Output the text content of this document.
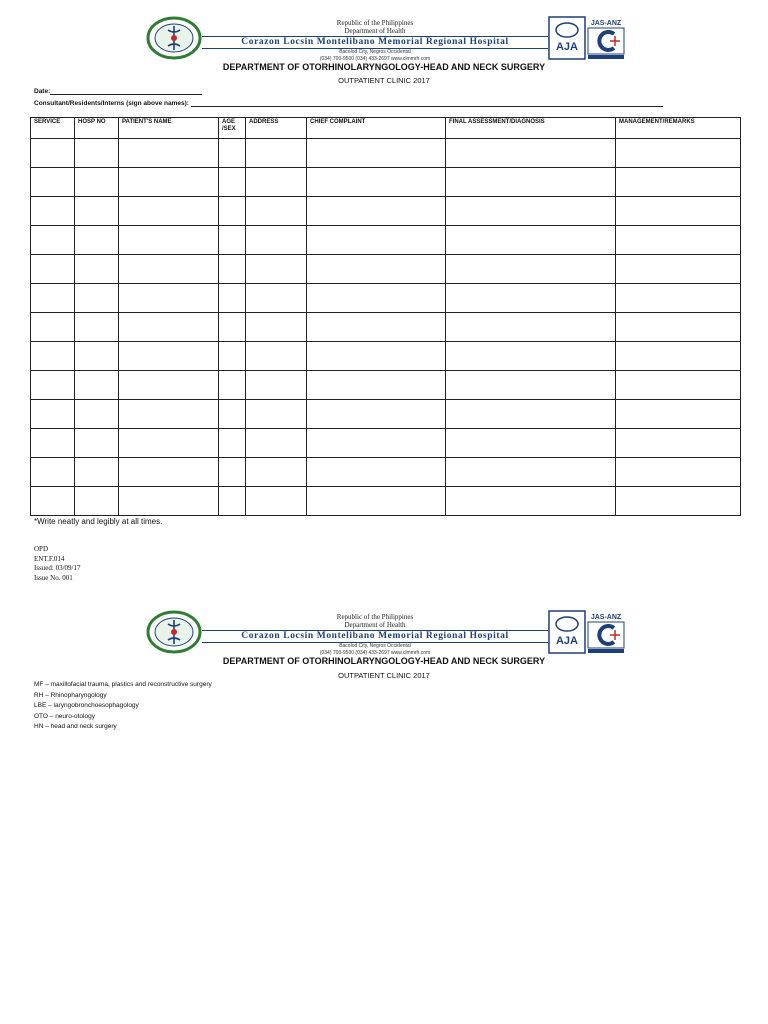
Republic of the Philippines
Department of Health
Corazon Locsin Montelibano Memorial Regional Hospital
Bacolod City, Negros Occidental
(034) 700-9500 (034) 433-2697 www.clmmrh.com
AJA
JAS-ANZ
DEPARTMENT OF OTORHINOLARYNGOLOGY-HEAD AND NECK SURGERY
OUTPATIENT CLINIC 2017
Date:
Consultant/Residents/Interns (sign above names):
SERVICE	HOSP NO	PATIENT'S NAME	AGE /SEX	ADDRESS	CHIEF COMPLAINT	FINAL ASSESSMENT/DIAGNOSIS	MANAGEMENT/REMARKS

*Write neatly and legibly at all times.
OPD
ENT.F.014
Issued: 03/09/17
Issue No. 001
Republic of the Philippines
Department of Health
Corazon Locsin Montelibano Memorial Regional Hospital
Bacolod City, Negros Occidental
(034) 700-9500 (034) 433-2697 www.clmmrh.com
AJA
JAS-ANZ
DEPARTMENT OF OTORHINOLARYNGOLOGY-HEAD AND NECK SURGERY
OUTPATIENT CLINIC 2017
MF – maxillofacial trauma, plastics and reconstructive surgery
RH – Rhinopharyngology
LBE – laryngobronchoesophagology
OTO – neuro-otology
HN – head and neck surgery
